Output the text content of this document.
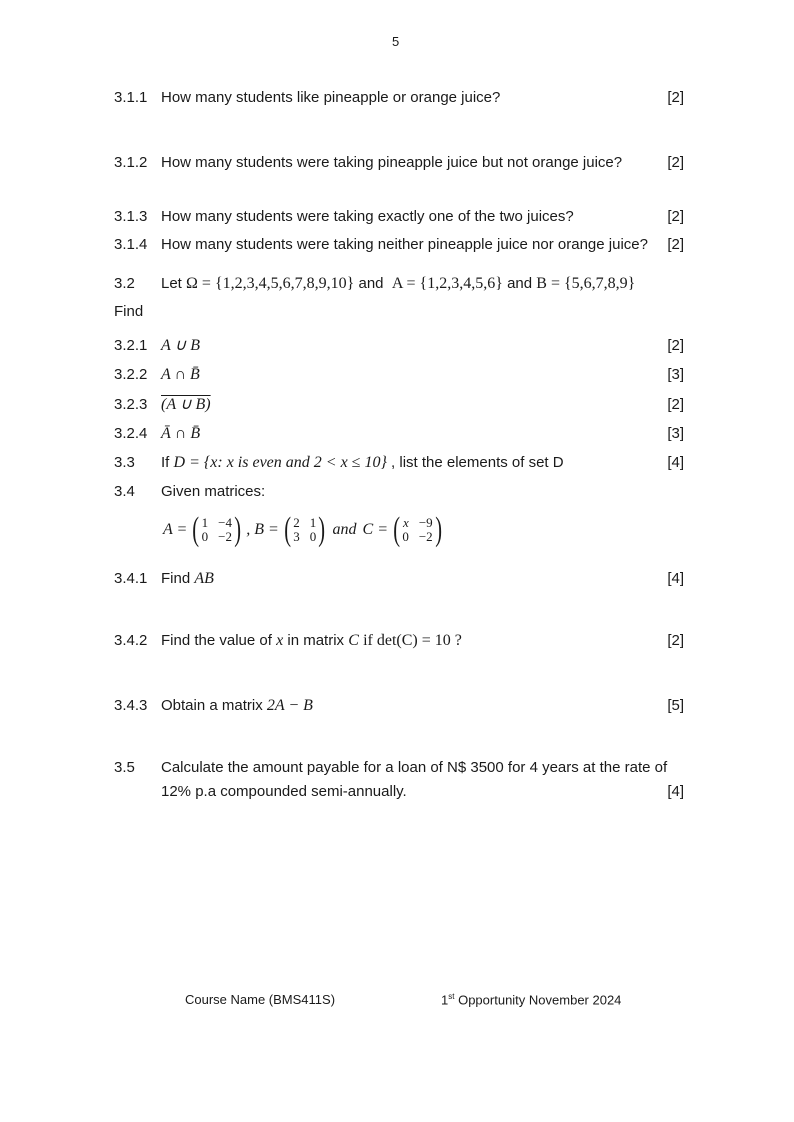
5
3.1.1 How many students like pineapple or orange juice?	[2]
3.1.2 How many students were taking pineapple juice but not orange juice?	[2]
3.1.3 How many students were taking exactly one of the two juices?	[2]
3.1.4 How many students were taking neither pineapple juice nor orange juice? [2]
3.2 Let Ω = {1,2,3,4,5,6,7,8,9,10} and A = {1,2,3,4,5,6} and B = {5,6,7,8,9}
Find
3.2.1 A ∪ B	[2]
3.2.2 A ∩ B̄	[3]
3.2.3 (A ∪ B)	[2]
3.2.4 Ā ∩ B̄	[3]
3.3 If D = {x: x is even and 2 < x ≤ 10} , list the elements of set D	[4]
3.4 Given matrices:
A = ( 1 −4
0 −2 ) , B = ( 2 1
3 0 ) and C = ( x −9
0 −2 )
3.4.1 Find AB	[4]
3.4.2 Find the value of x in matrix C if det(C) = 10 ?	[2]
3.4.3 Obtain a matrix 2A − B	[5]
3.5 Calculate the amount payable for a loan of N$ 3500 for 4 years at the rate of
12% p.a compounded semi-annually.	[4]
Course Name (BMS411S)	1st Opportunity November 2024
